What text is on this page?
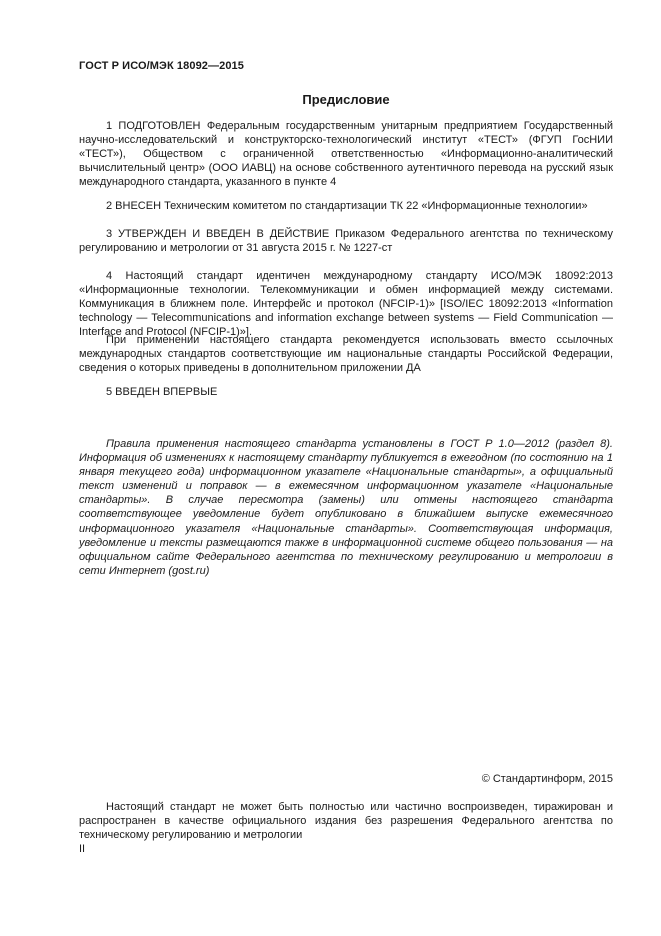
ГОСТ Р ИСО/МЭК 18092—2015
Предисловие

1 ПОДГОТОВЛЕН Федеральным государственным унитарным предприятием Государственный научно-исследовательский и конструкторско-технологический институт «ТЕСТ» (ФГУП ГосНИИ «ТЕСТ»), Обществом с ограниченной ответственностью «Информационно-аналитический вычислительный центр» (ООО ИАВЦ) на основе собственного аутентичного перевода на русский язык международного стандарта, указанного в пункте 4

2 ВНЕСЕН Техническим комитетом по стандартизации ТК 22 «Информационные технологии»

3 УТВЕРЖДЕН И ВВЕДЕН В ДЕЙСТВИЕ Приказом Федерального агентства по техническому регулированию и метрологии от 31 августа 2015 г. № 1227-ст

4 Настоящий стандарт идентичен международному стандарту ИСО/МЭК 18092:2013 «Информационные технологии. Телекоммуникации и обмен информацией между системами. Коммуникация в ближнем поле. Интерфейс и протокол (NFCIP-1)» [ISO/IEC 18092:2013 «Information technology — Telecommunications and information exchange between systems — Field Communication — Interface and Protocol (NFCIP-1)»].

При применении настоящего стандарта рекомендуется использовать вместо ссылочных международных стандартов соответствующие им национальные стандарты Российской Федерации, сведения о которых приведены в дополнительном приложении ДА

5 ВВЕДЕН ВПЕРВЫЕ

Правила применения настоящего стандарта установлены в ГОСТ Р 1.0—2012 (раздел 8). Информация об изменениях к настоящему стандарту публикуется в ежегодном (по состоянию на 1 января текущего года) информационном указателе «Национальные стандарты», а официальный текст изменений и поправок — в ежемесячном информационном указателе «Национальные стандарты». В случае пересмотра (замены) или отмены настоящего стандарта соответствующее уведомление будет опубликовано в ближайшем выпуске ежемесячного информационного указателя «Национальные стандарты». Соответствующая информация, уведомление и тексты размещаются также в информационной системе общего пользования — на официальном сайте Федерального агентства по техническому регулированию и метрологии в сети Интернет (gost.ru)

© Стандартинформ, 2015

Настоящий стандарт не может быть полностью или частично воспроизведен, тиражирован и распространен в качестве официального издания без разрешения Федерального агентства по техническому регулированию и метрологии

II
